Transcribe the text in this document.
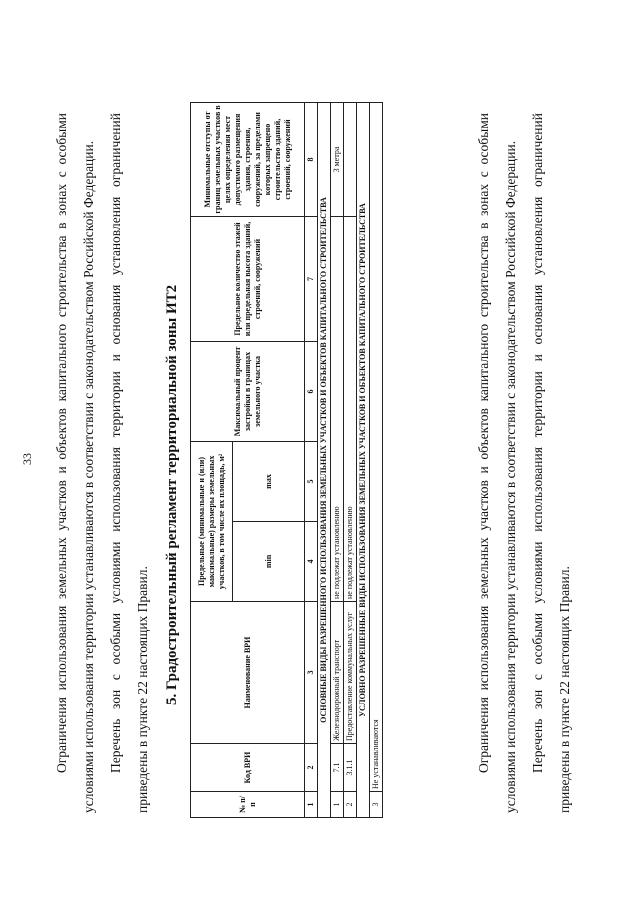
33	Ограничения использования земельных участков и объектов капитального строительства в зонах с особыми условиями использования территории устанавливаются в соответствии с законодательством Российской Федерации. Перечень зон с особыми условиями использования территории и основания установления ограничений приведены в пункте 22 настоящих Правил. 5. Градостроительный регламент территориальной зоны ИТ2
№ п/п	Код ВРИ	Наименование ВРИ	Предельные (минимальные и (или) максимальные) размеры земельных участков, в том числе их площадь, м²		Максимальный процент застройки в границах земельного участка	Предельное количество этажей или предельная высота зданий, строений, сооружений	Минимальные отступы от границ земельных участков в целях определения мест допустимого размещения здания, строения, сооружений, за пределами которых запрещено строительство зданий, строений, сооружений
			min	max			
1	2	3	4	5	6	7	8
ОСНОВНЫЕ ВИДЫ РАЗРЕШЕННОГО ИСПОЛЬЗОВАНИЯ ЗЕМЕЛЬНЫХ УЧАСТКОВ И ОБЪЕКТОВ КАПИТАЛЬНОГО СТРОИТЕЛЬСТВА							
1	7.1	Железнодорожный транспорт	не подлежат установлению				3 метра
2	3.1.1	Предоставление коммунальных услуг	не подлежат установлению				
УСЛОВНО РАЗРЕШЕННЫЕ ВИДЫ ИСПОЛЬЗОВАНИЯ ЗЕМЕЛЬНЫХ УЧАСТКОВ И ОБЪЕКТОВ КАПИТАЛЬНОГО СТРОИТЕЛЬСТВА							
3	Не устанавливаются							Ограничения использования земельных участков и объектов капитального строительства в зонах с особыми условиями использования территории устанавливаются в соответствии с законодательством Российской Федерации. Перечень зон с особыми условиями использования территории и основания установления ограничений приведены в пункте 22 настоящих Правил.
